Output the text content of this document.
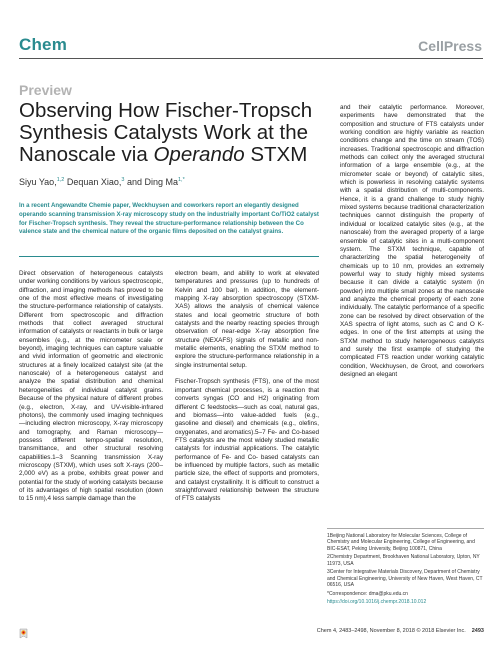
Chem	CellPress
Preview
Observing How Fischer-Tropsch Synthesis Catalysts Work at the Nanoscale via Operando STXM
Siyu Yao,$^{1,2}$ Dequan Xiao,$^3$ and Ding $Ma^{1,*}$
In a recent Angewandte Chemie paper, Weckhuysen and coworkers report an elegantly designed operando scanning transmission X-ray microscopy study on the industrially important Co/TiO2 catalyst for Fischer-Tropsch synthesis. They reveal the structure-performance relationship between the Co valence state and the chemical nature of the organic films deposited on the catalyst grains.

Direct observation of heterogeneous catalysts under working conditions by various spectroscopic, diffraction, and imaging methods has proved to be one of the most effective means of investigating the structure-performance relationship of catalysts. Different from spectroscopic and diffraction methods that collect averaged structural information of catalysts or reactants in bulk or large ensembles (e.g., at the micrometer scale or beyond), imaging techniques can capture valuable and vivid information of geometric and electronic structures at a finely localized catalyst site (at the nanoscale) of a heterogeneous catalyst and analyze the spatial distribution and chemical heterogeneities of individual catalyst grains. Because of the physical nature of different probes (e.g., electron, X-ray, and UV-visible-infrared photons), the commonly used imaging techniques—including electron microscopy, X-ray microscopy and tomography, and Raman microscopy—possess different tempo-spatial resolution, transmittance, and other structural resolving capabilities.1–3 Scanning transmission X-ray microscopy (STXM), which uses soft X-rays (200–2,000 eV) as a probe, exhibits great power and potential for the study of working catalysts because of its advantages of high spatial resolution (down to 15 nm),4 less sample damage than the

electron beam, and ability to work at elevated temperatures and pressures (up to hundreds of Kelvin and 100 bar). In addition, the element-mapping X-ray absorption spectroscopy (STXM-XAS) allows the analysis of chemical valence states and local geometric structure of both catalysts and the nearby reacting species through observation of near-edge X-ray absorption fine structure (NEXAFS) signals of metallic and non-metallic elements, enabling the STXM method to explore the structure-performance relationship in a single instrumental setup.

Fischer-Tropsch synthesis (FTS), one of the most important chemical processes, is a reaction that converts syngas (CO and H2) originating from different C feedstocks—such as coal, natural gas, and biomass—into value-added fuels (e.g., gasoline and diesel) and chemicals (e.g., olefins, oxygenates, and aromatics).5–7 Fe- and Co-based FTS catalysts are the most widely studied metallic catalysts for industrial applications. The catalytic performance of Fe- and Co- based catalysts can be influenced by multiple factors, such as metallic particle size, the effect of supports and promoters, and catalyst crystallinity. It is difficult to construct a straightforward relationship between the structure of FTS catalysts

and their catalytic performance. Moreover, experiments have demonstrated that the composition and structure of FTS catalysts under working condition are highly variable as reaction conditions change and the time on stream (TOS) increases. Traditional spectroscopic and diffraction methods can collect only the averaged structural information of a large ensemble (e.g., at the micrometer scale or beyond) of catalytic sites, which is powerless in resolving catalytic systems with a spatial distribution of multi-components. Hence, it is a grand challenge to study highly mixed systems because traditional characterization techniques cannot distinguish the property of individual or localized catalytic sites (e.g., at the nanoscale) from the averaged property of a large ensemble of catalytic sites in a multi-component system. The STXM technique, capable of characterizing the spatial heterogeneity of chemicals up to 10 nm, provides an extremely powerful way to study highly mixed systems because it can divide a catalytic system (in powder) into multiple small zones at the nanoscale and analyze the chemical property of each zone individually. The catalytic performance of a specific zone can be resolved by direct observation of the XAS spectra of light atoms, such as C and O K-edges. In one of the first attempts at using the STXM method to study heterogeneous catalysts and surely the first example of studying the complicated FTS reaction under working catalytic condition, Weckhuysen, de Groot, and coworkers designed an elegant

1Beijing National Laboratory for Molecular Sciences, College of Chemistry and Molecular Engineering, College of Engineering, and BIC-ESAT, Peking University, Beijing 100871, China
2Chemistry Department, Brookhaven National Laboratory, Upton, NY 11973, USA
3Center for Integrative Materials Discovery, Department of Chemistry and Chemical Engineering, University of New Haven, West Haven, CT 06516, USA
*Correspondence: dma@pku.edu.cn
https://doi.org/10.1016/j.chempr.2018.10.012
Chem 4, 2483–2498, November 8, 2018 © 2018 Elsevier Inc. 2493
